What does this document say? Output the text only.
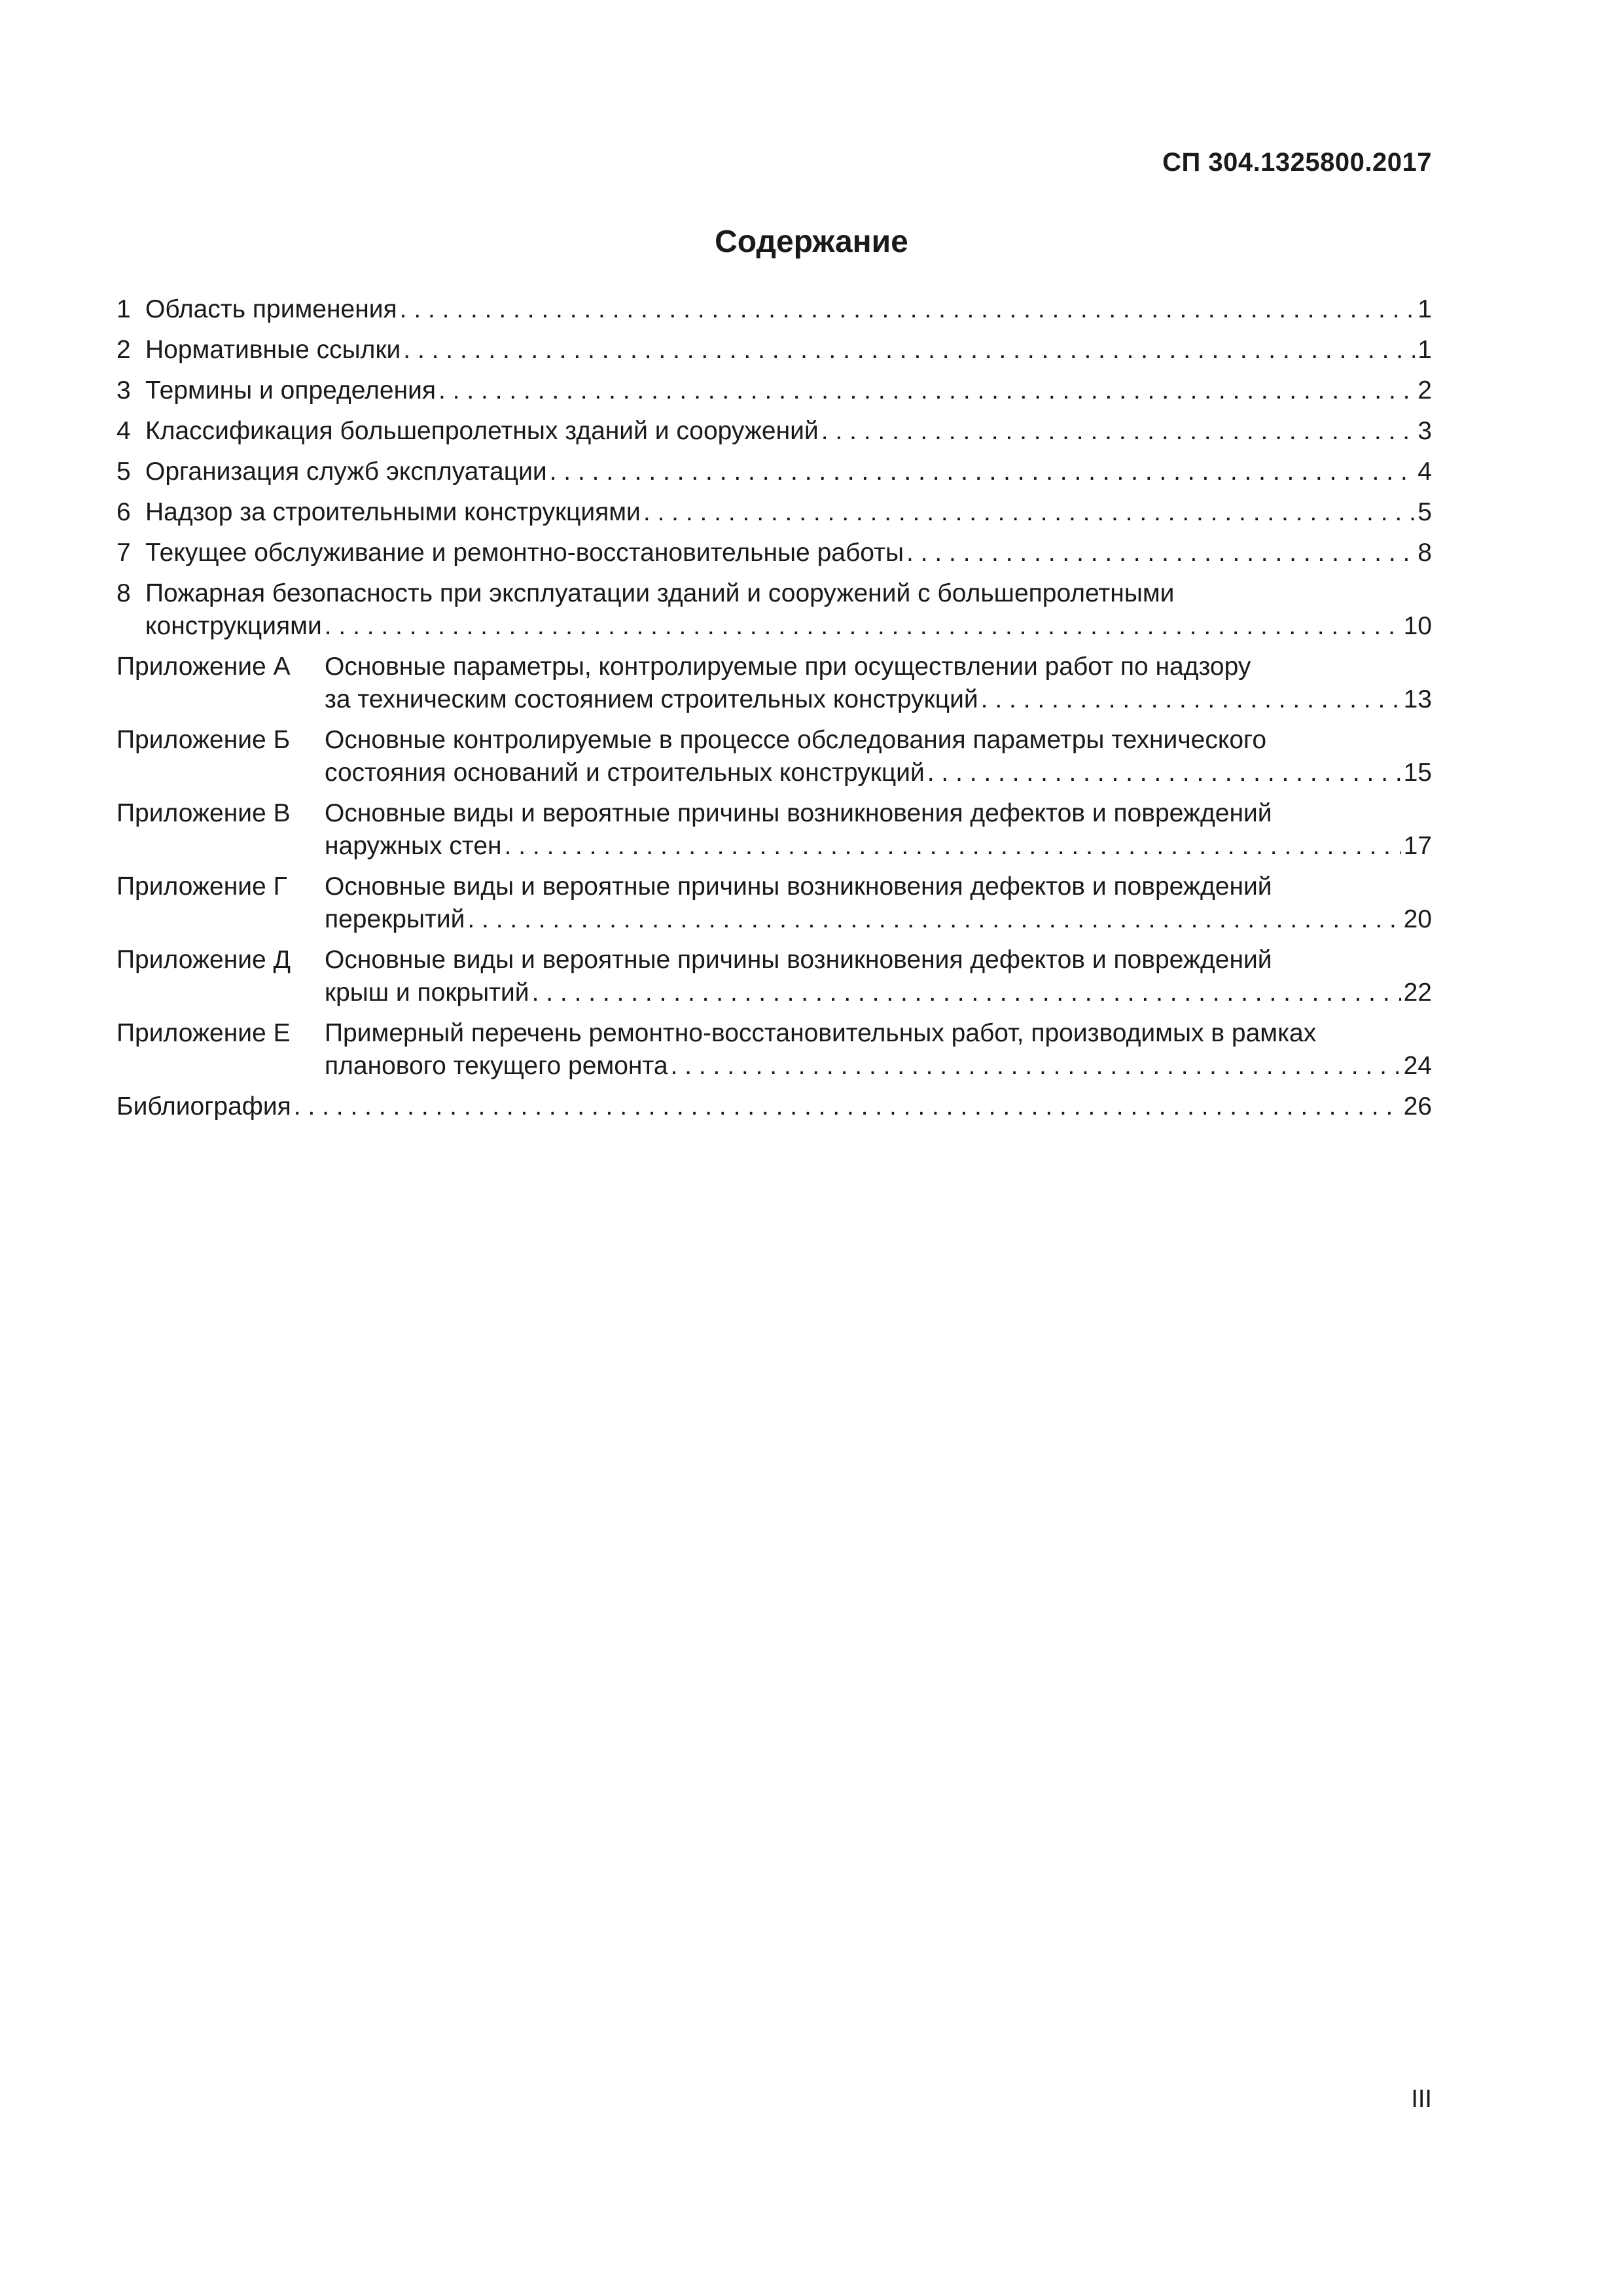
СП 304.1325800.2017
Содержание
1 Область применения . . .	1
2 Нормативные ссылки . . .	1
3 Термины и определения . . .	2
4 Классификация большепролетных зданий и сооружений . . .	3
5 Организация служб эксплуатации . . .	4
6 Надзор за строительными конструкциями . . .	5
7 Текущее обслуживание и ремонтно-восстановительные работы . . .	8
8 Пожарная безопасность при эксплуатации зданий и сооружений с большепролетными
конструкциями . . .	10
Приложение А	Основные параметры, контролируемые при осуществлении работ по надзору
за техническим состоянием строительных конструкций . . .	13
Приложение Б	Основные контролируемые в процессе обследования параметры технического
состояния оснований и строительных конструкций . . .	15
Приложение В	Основные виды и вероятные причины возникновения дефектов и повреждений
наружных стен . . .	17
Приложение Г	Основные виды и вероятные причины возникновения дефектов и повреждений
перекрытий . . .	20
Приложение Д	Основные виды и вероятные причины возникновения дефектов и повреждений
крыш и покрытий . . .	22
Приложение Е	Примерный перечень ремонтно-восстановительных работ, производимых в рамках
планового текущего ремонта . . .	24
Библиография . . .	26
III
